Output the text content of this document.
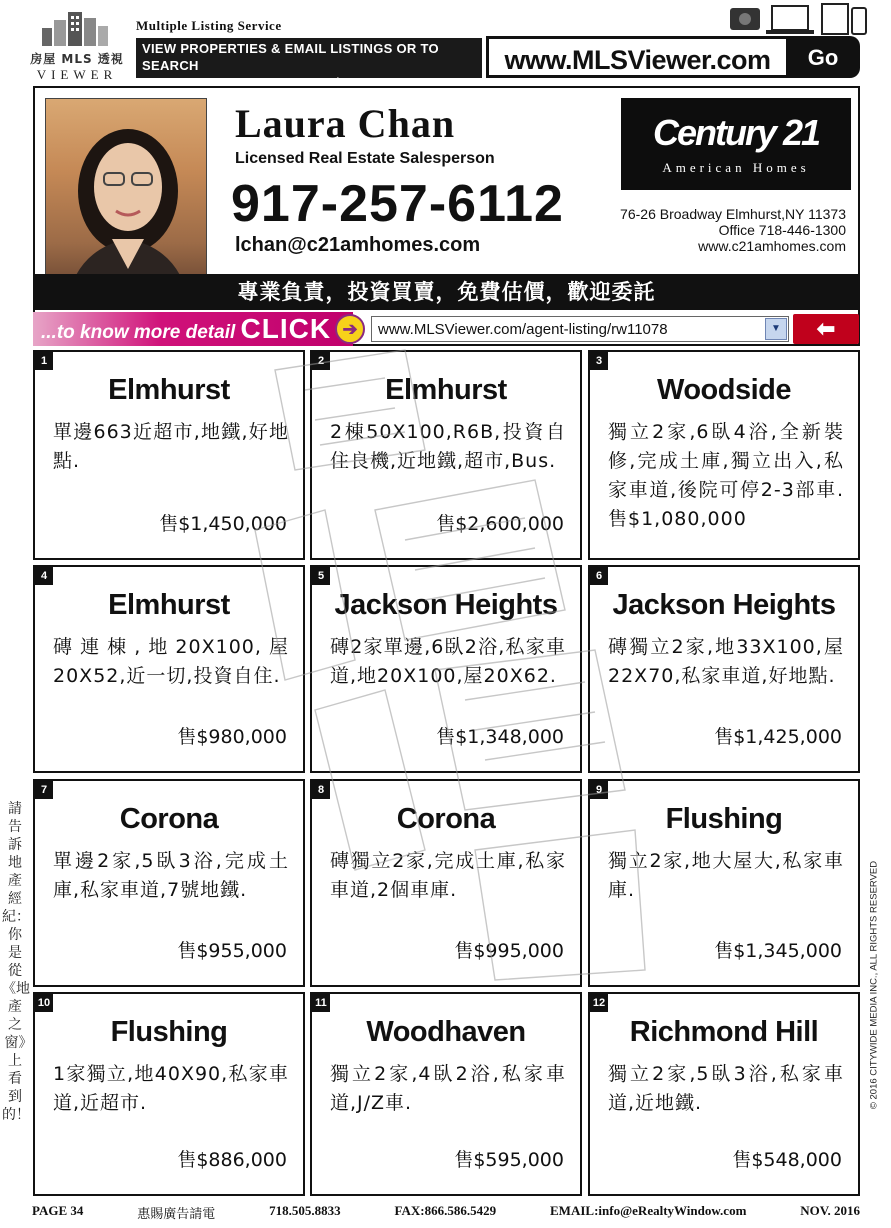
房屋 MLS 透視
VIEWER
Multiple Listing Service
VIEW PROPERTIES & EMAIL LISTINGS OR TO SEARCH
ANY SERVICE PROVIDERS 24/7 A DAY, 365 DAYS
www.MLSViewer.com	Go
Laura Chan
Licensed Real Estate Salesperson
917-257-6112
lchan@c21amhomes.com
Century 21
American Homes
76-26 Broadway Elmhurst,NY 11373
Office 718-446-1300
www.c21amhomes.com
專業負責，投資買賣，免費估價，歡迎委託
...to know more detail CLICK ➔	www.MLSViewer.com/agent-listing/rw11078	▼	⬅
1
Elmhurst
單邊663近超市,地鐵,好地點.
售$1,450,000
2
Elmhurst
2棟50X100,R6B,投資自住良機,近地鐵,超市,Bus.
售$2,600,000
3
Woodside
獨立2家,6臥4浴,全新裝修,完成土庫,獨立出入,私家車道,後院可停2-3部車.售$1,080,000
4
Elmhurst
磚連棟,地20X100,屋20X52,近一切,投資自住.
售$980,000
5
Jackson Heights
磚2家單邊,6臥2浴,私家車道,地20X100,屋20X62.
售$1,348,000
6
Jackson Heights
磚獨立2家,地33X100,屋22X70,私家車道,好地點.
售$1,425,000
7
Corona
單邊2家,5臥3浴,完成土庫,私家車道,7號地鐵.
售$955,000
8
Corona
磚獨立2家,完成土庫,私家車道,2個車庫.
售$995,000
9
Flushing
獨立2家,地大屋大,私家車庫.
售$1,345,000
10
Flushing
1家獨立,地40X90,私家車道,近超市.
售$886,000
11
Woodhaven
獨立2家,4臥2浴,私家車道,J/Z車.
售$595,000
12
Richmond Hill
獨立2家,5臥3浴,私家車道,近地鐵.
售$548,000
請告訴地產經紀：你是從《地產之窗》上看到的！
© 2016 CITYWIDE MEDIA INC., ALL RIGHTS RESERVED
PAGE 34	惠賜廣告請電	718.505.8833	FAX:866.586.5429	EMAIL:info@eRealtyWindow.com	NOV. 2016
